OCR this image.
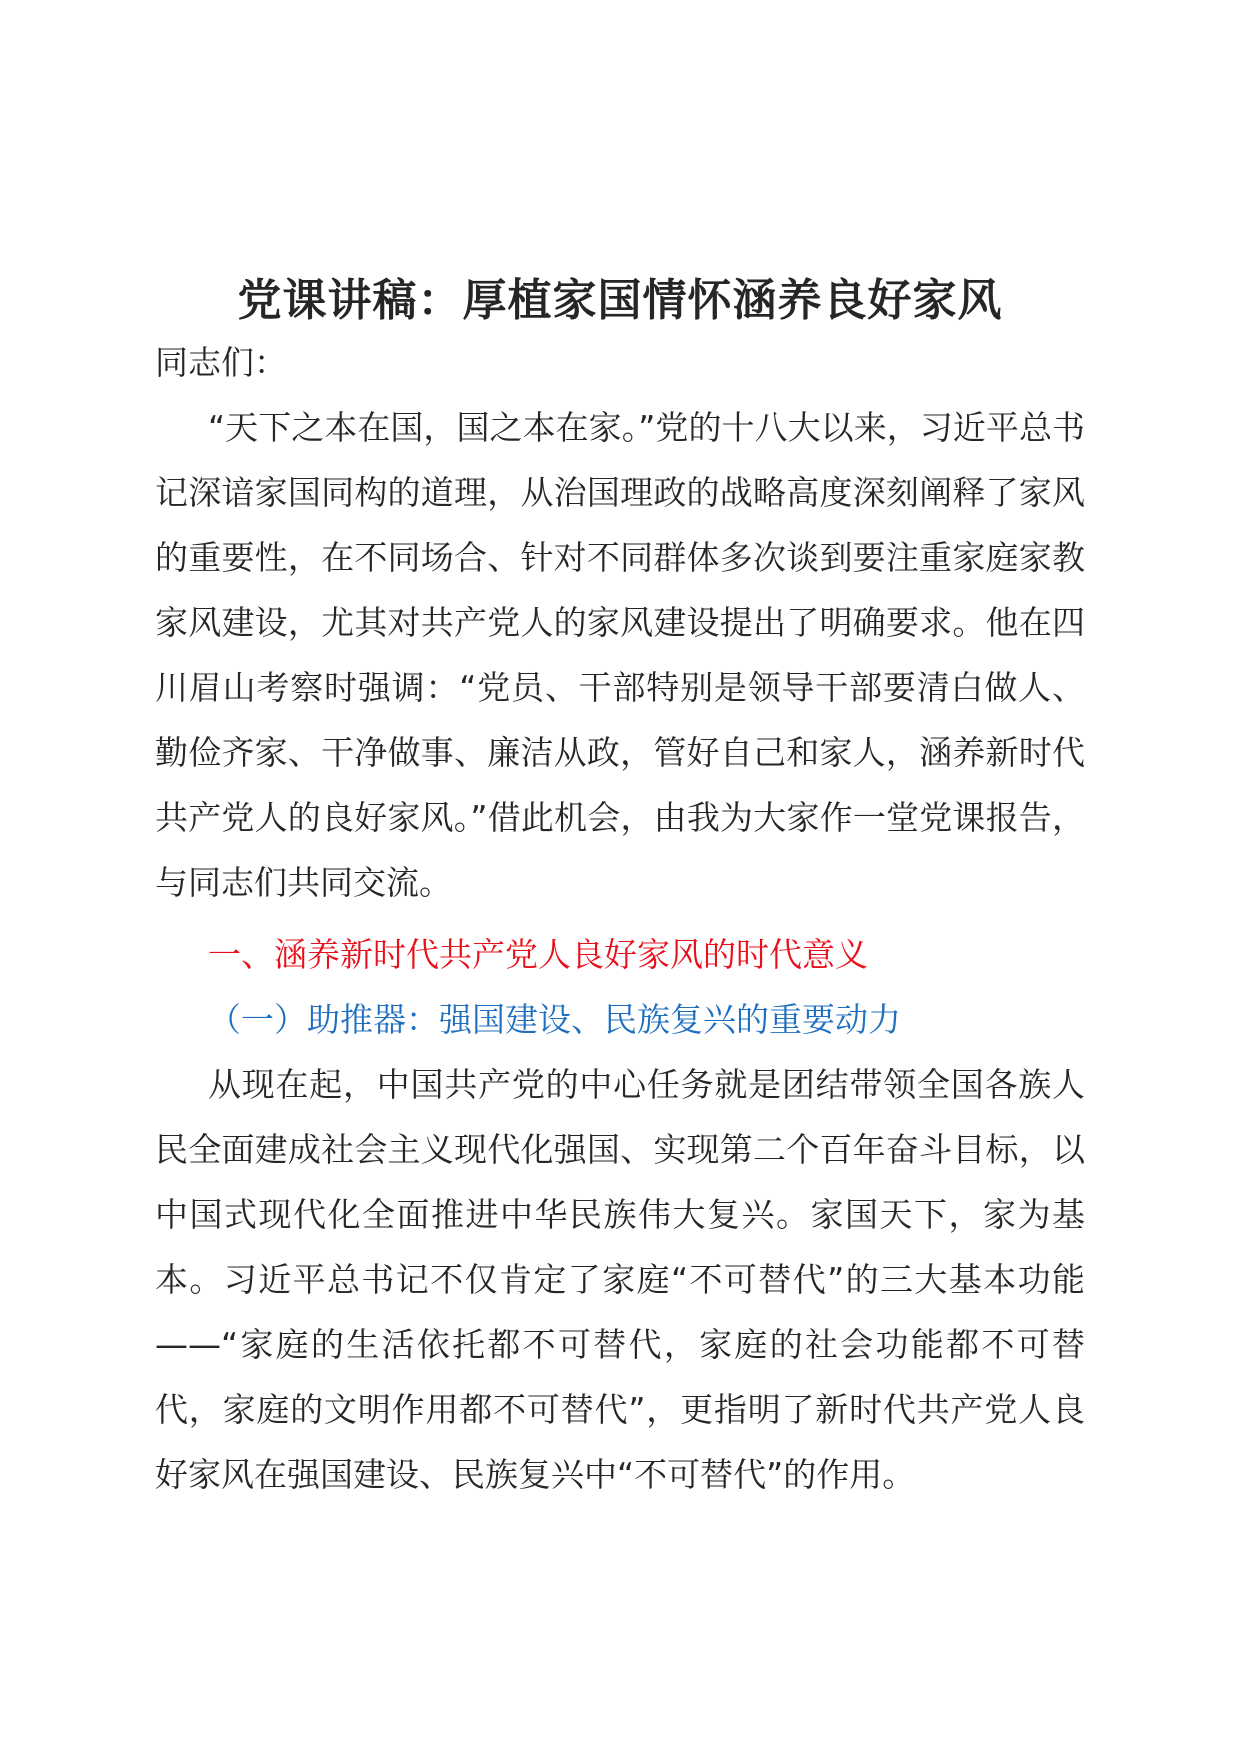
党课讲稿：厚植家国情怀涵养良好家风

同志们：

“天下之本在国，国之本在家。”党的十八大以来，习近平总书记深谙家国同构的道理，从治国理政的战略高度深刻阐释了家风的重要性，在不同场合、针对不同群体多次谈到要注重家庭家教家风建设，尤其对共产党人的家风建设提出了明确要求。他在四川眉山考察时强调：“党员、干部特别是领导干部要清白做人、勤俭齐家、干净做事、廉洁从政，管好自己和家人，涵养新时代共产党人的良好家风。”借此机会，由我为大家作一堂党课报告，与同志们共同交流。

一、涵养新时代共产党人良好家风的时代意义

（一）助推器：强国建设、民族复兴的重要动力

从现在起，中国共产党的中心任务就是团结带领全国各族人民全面建成社会主义现代化强国、实现第二个百年奋斗目标，以中国式现代化全面推进中华民族伟大复兴。家国天下，家为基本。习近平总书记不仅肯定了家庭“不可替代”的三大基本功能——“家庭的生活依托都不可替代，家庭的社会功能都不可替代，家庭的文明作用都不可替代”，更指明了新时代共产党人良好家风在强国建设、民族复兴中“不可替代”的作用。
